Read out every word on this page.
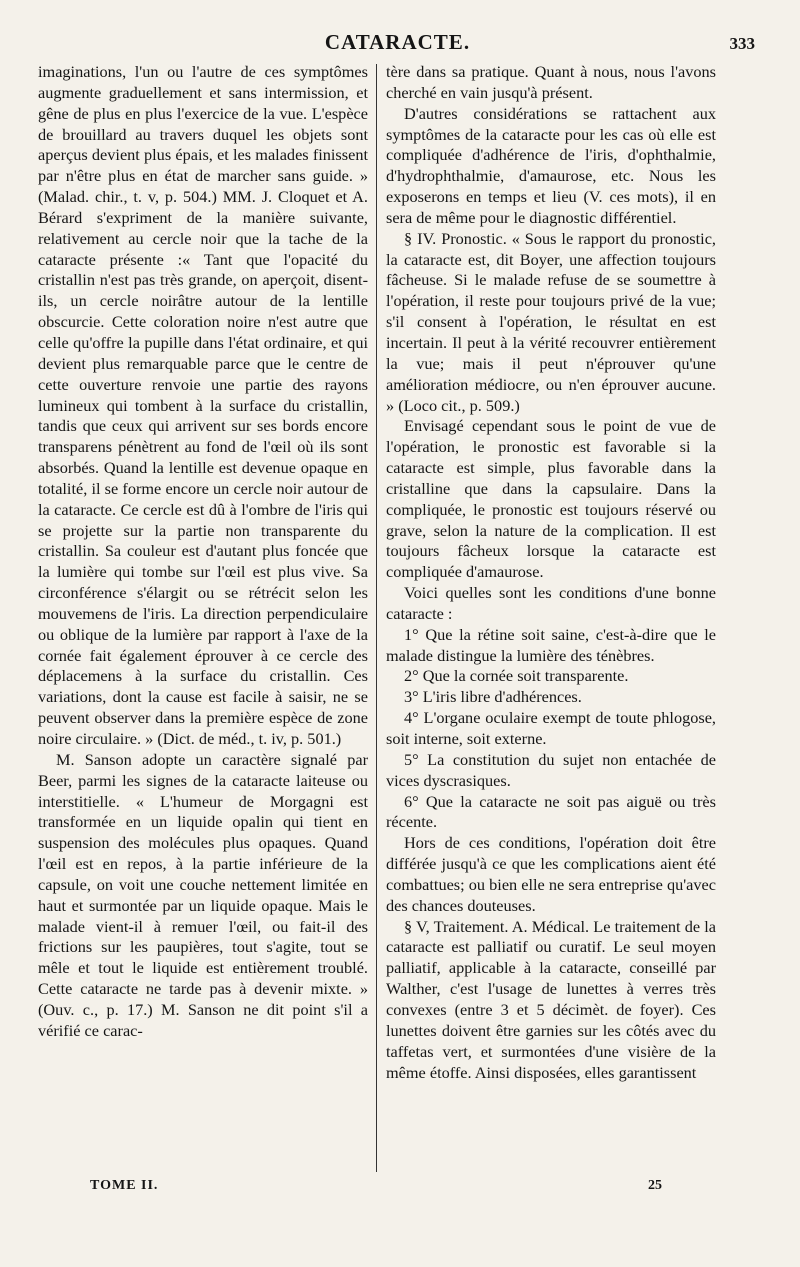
CATARACTE.	333

imaginations, l'un ou l'autre de ces symptômes augmente graduellement et sans intermission, et gêne de plus en plus l'exercice de la vue. L'espèce de brouillard au travers duquel les objets sont aperçus devient plus épais, et les malades finissent par n'être plus en état de marcher sans guide. » (Malad. chir., t. v, p. 504.) MM. J. Cloquet et A. Bérard s'expriment de la manière suivante, relativement au cercle noir que la tache de la cataracte présente :« Tant que l'opacité du cristallin n'est pas très grande, on aperçoit, disent-ils, un cercle noirâtre autour de la lentille obscurcie. Cette coloration noire n'est autre que celle qu'offre la pupille dans l'état ordinaire, et qui devient plus remarquable parce que le centre de cette ouverture renvoie une partie des rayons lumineux qui tombent à la surface du cristallin, tandis que ceux qui arrivent sur ses bords encore transparens pénètrent au fond de l'œil où ils sont absorbés. Quand la lentille est devenue opaque en totalité, il se forme encore un cercle noir autour de la cataracte. Ce cercle est dû à l'ombre de l'iris qui se projette sur la partie non transparente du cristallin. Sa couleur est d'autant plus foncée que la lumière qui tombe sur l'œil est plus vive. Sa circonférence s'élargit ou se rétrécit selon les mouvemens de l'iris. La direction perpendiculaire ou oblique de la lumière par rapport à l'axe de la cornée fait également éprouver à ce cercle des déplacemens à la surface du cristallin. Ces variations, dont la cause est facile à saisir, ne se peuvent observer dans la première espèce de zone noire circulaire. » (Dict. de méd., t. iv, p. 501.)

M. Sanson adopte un caractère signalé par Beer, parmi les signes de la cataracte laiteuse ou interstitielle. « L'humeur de Morgagni est transformée en un liquide opalin qui tient en suspension des molécules plus opaques. Quand l'œil est en repos, à la partie inférieure de la capsule, on voit une couche nettement limitée en haut et surmontée par un liquide opaque. Mais le malade vient-il à remuer l'œil, ou fait-il des frictions sur les paupières, tout s'agite, tout se mêle et tout le liquide est entièrement troublé. Cette cataracte ne tarde pas à devenir mixte. » (Ouv. c., p. 17.) M. Sanson ne dit point s'il a vérifié ce carac-

tère dans sa pratique. Quant à nous, nous l'avons cherché en vain jusqu'à présent.

D'autres considérations se rattachent aux symptômes de la cataracte pour les cas où elle est compliquée d'adhérence de l'iris, d'ophthalmie, d'hydrophthalmie, d'amaurose, etc. Nous les exposerons en temps et lieu (V. ces mots), il en sera de même pour le diagnostic différentiel.

§ IV. Pronostic. « Sous le rapport du pronostic, la cataracte est, dit Boyer, une affection toujours fâcheuse. Si le malade refuse de se soumettre à l'opération, il reste pour toujours privé de la vue; s'il consent à l'opération, le résultat en est incertain. Il peut à la vérité recouvrer entièrement la vue; mais il peut n'éprouver qu'une amélioration médiocre, ou n'en éprouver aucune. » (Loco cit., p. 509.)

Envisagé cependant sous le point de vue de l'opération, le pronostic est favorable si la cataracte est simple, plus favorable dans la cristalline que dans la capsulaire. Dans la compliquée, le pronostic est toujours réservé ou grave, selon la nature de la complication. Il est toujours fâcheux lorsque la cataracte est compliquée d'amaurose.

Voici quelles sont les conditions d'une bonne cataracte :

1° Que la rétine soit saine, c'est-à-dire que le malade distingue la lumière des ténèbres.

2° Que la cornée soit transparente.

3° L'iris libre d'adhérences.

4° L'organe oculaire exempt de toute phlogose, soit interne, soit externe.

5° La constitution du sujet non entachée de vices dyscrasiques.

6° Que la cataracte ne soit pas aiguë ou très récente.

Hors de ces conditions, l'opération doit être différée jusqu'à ce que les complications aient été combattues; ou bien elle ne sera entreprise qu'avec des chances douteuses.

§ V, Traitement. A. Médical. Le traitement de la cataracte est palliatif ou curatif. Le seul moyen palliatif, applicable à la cataracte, conseillé par Walther, c'est l'usage de lunettes à verres très convexes (entre 3 et 5 décimèt. de foyer). Ces lunettes doivent être garnies sur les côtés avec du taffetas vert, et surmontées d'une visière de la même étoffe. Ainsi disposées, elles garantissent

TOME II.	25
